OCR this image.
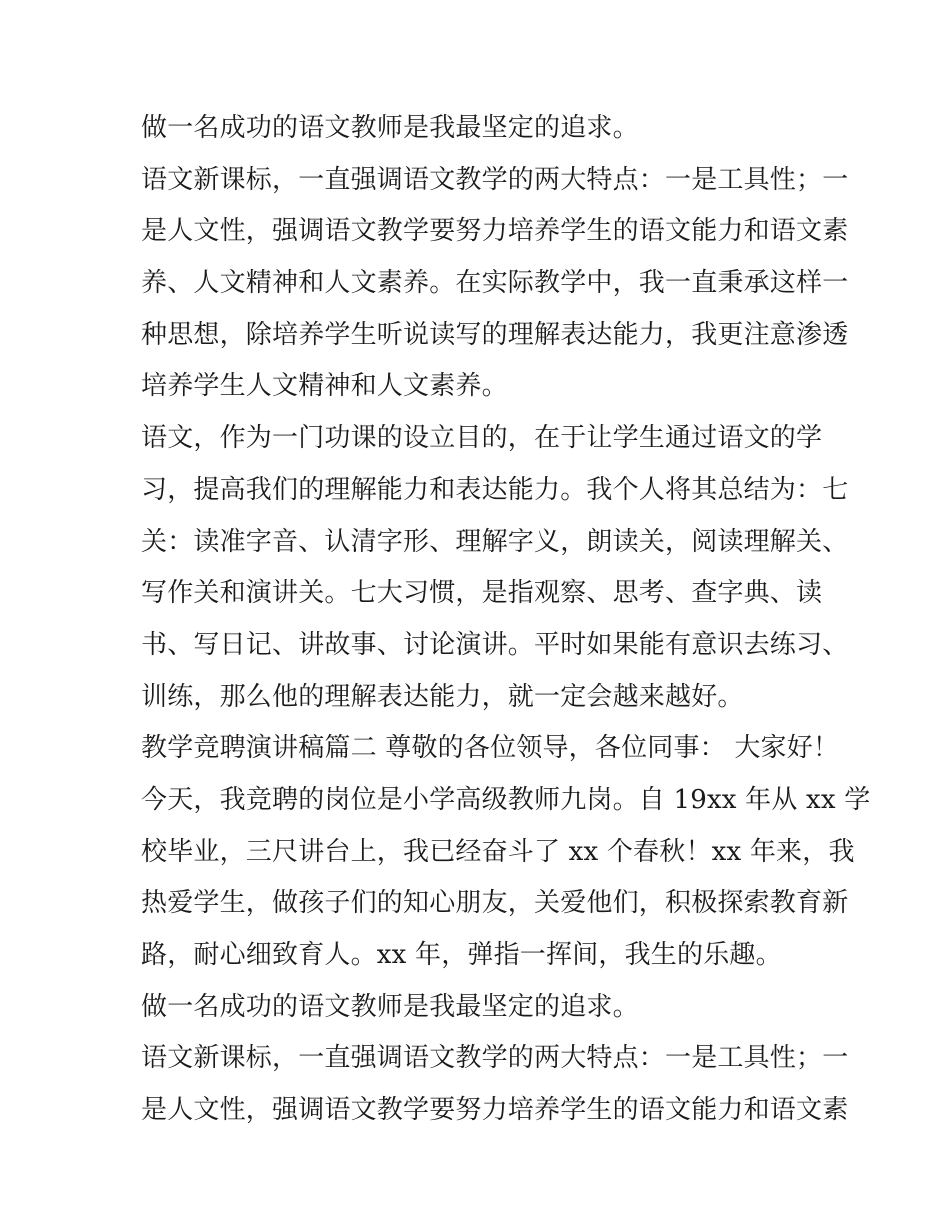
做一名成功的语文教师是我最坚定的追求。
语文新课标，一直强调语文教学的两大特点：一是工具性；一
是人文性，强调语文教学要努力培养学生的语文能力和语文素
养、人文精神和人文素养。在实际教学中，我一直秉承这样一
种思想，除培养学生听说读写的理解表达能力，我更注意渗透
培养学生人文精神和人文素养。
语文，作为一门功课的设立目的，在于让学生通过语文的学
习，提高我们的理解能力和表达能力。我个人将其总结为：七
关：读准字音、认清字形、理解字义，朗读关，阅读理解关、
写作关和演讲关。七大习惯，是指观察、思考、查字典、读
书、写日记、讲故事、讨论演讲。平时如果能有意识去练习、
训练，那么他的理解表达能力，就一定会越来越好。
教学竞聘演讲稿篇二 尊敬的各位领导，各位同事： 大家好！
今天，我竞聘的岗位是小学高级教师九岗。自 19xx 年从 xx 学
校毕业，三尺讲台上，我已经奋斗了 xx 个春秋！xx 年来，我
热爱学生，做孩子们的知心朋友，关爱他们，积极探索教育新
路，耐心细致育人。xx 年，弹指一挥间，我生的乐趣。
做一名成功的语文教师是我最坚定的追求。
语文新课标，一直强调语文教学的两大特点：一是工具性；一
是人文性，强调语文教学要努力培养学生的语文能力和语文素
